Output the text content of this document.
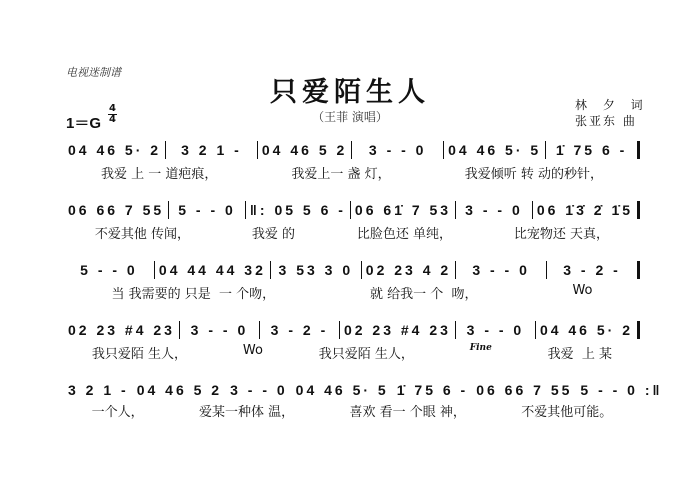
电视迷制谱
只爱陌生人
（王菲 演唱）
1＝G
4
4
林 夕 词
张亚东 曲
04 46 5· 2	3 2 1 -	04 46 5 2	3 - - 0	04 46 5· 5	1̇ 75 6 -
我爱 上 一 道疤痕，	我爱上一 盏 灯，	我爱倾听 转 动的秒针，
06 66 7 55	5 - - 0	‖: 05 5 6 - 06 61̇ 7 53	3 - - 0	06 1̇3̇ 2̇ 1̇5
不爱其他 传闻，	我爱 的	比脸色还 单纯，	比宠物还 天真，
5 - - 0	04 44 44 32 3 53 3 0 02 23 4 2	3 - - 0	3 - 2 -
当 我需要的 只是  一 个吻，	就 给我一 个  吻，	Wo
02 23 #4 23	3 - - 0	3 - 2 -	02 23 #4 23	3 - - 0	04 46 5· 2
我只爱陌 生人，	Wo	我只爱陌 生人，	Fine	我爱  上 某
3 2 1 - 04 46 5 2 3 - - 0 04 46 5· 5 1̇ 75 6 - 06 66 7 55 5 - - 0 :‖
一个人，	爱某一种体 温，	喜欢 看一 个眼 神，	不爱其他可能。
